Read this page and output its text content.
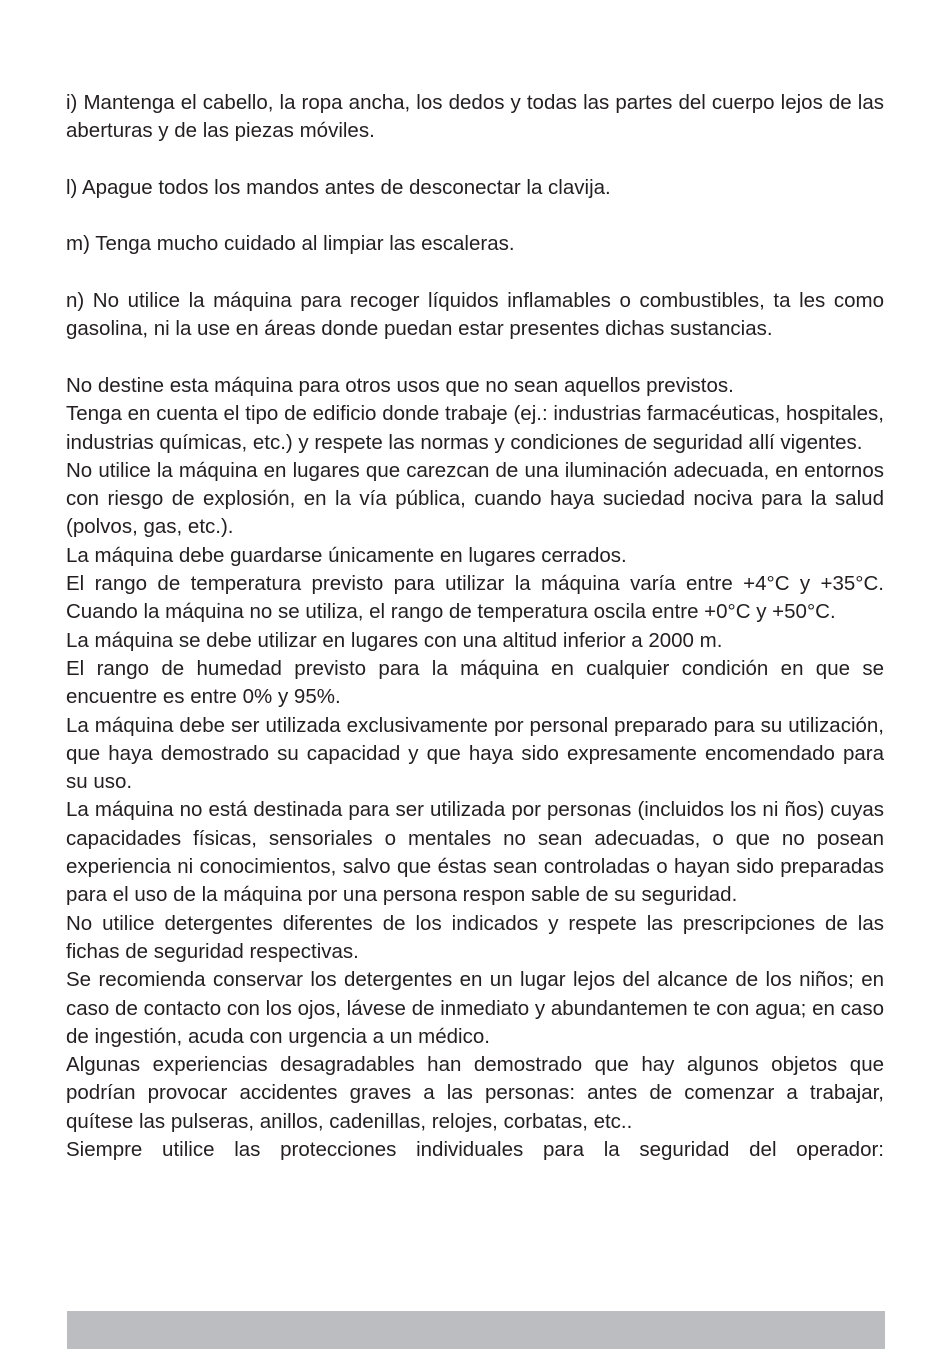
i) Mantenga el cabello, la ropa ancha, los dedos y todas las partes del cuerpo lejos de las aberturas y de las piezas móviles.

l) Apague todos los mandos antes de desconectar la clavija.

m) Tenga mucho cuidado al limpiar las escaleras.

n) No utilice la máquina para recoger líquidos inflamables o combustibles, ta les como gasolina, ni la use en áreas donde puedan estar presentes dichas sustancias.

No destine esta máquina para otros usos que no sean aquellos previstos.

Tenga en cuenta el tipo de edificio donde trabaje (ej.: industrias farmacéuticas, hospitales, industrias químicas, etc.) y respete las normas y condiciones de seguridad allí vigentes.

No utilice la máquina en lugares que carezcan de una iluminación adecuada, en entornos con riesgo de explosión, en la vía pública, cuando haya suciedad nociva para la salud (polvos, gas, etc.).

La máquina debe guardarse únicamente en lugares cerrados.

El rango de temperatura previsto para utilizar la máquina varía entre +4°C y +35°C. Cuando la máquina no se utiliza, el rango de temperatura oscila entre +0°C y +50°C.

La máquina se debe utilizar en lugares con una altitud inferior a 2000 m.

El rango de humedad previsto para la máquina en cualquier condición en que se encuentre es entre 0% y 95%.

La máquina debe ser utilizada exclusivamente por personal preparado para su utilización, que haya demostrado su capacidad y que haya sido expresamente encomendado para su uso.

La máquina no está destinada para ser utilizada por personas (incluidos los ni ños) cuyas capacidades físicas, sensoriales o mentales no sean adecuadas, o que no posean experiencia ni conocimientos, salvo que éstas sean controladas o hayan sido preparadas para el uso de la máquina por una persona respon sable de su seguridad.

No utilice detergentes diferentes de los indicados y respete las prescripciones de las fichas de seguridad respectivas.

Se recomienda conservar los detergentes en un lugar lejos del alcance de los niños; en caso de contacto con los ojos, lávese de inmediato y abundantemen te con agua; en caso de ingestión, acuda con urgencia a un médico.

Algunas experiencias desagradables han demostrado que hay algunos objetos que podrían provocar accidentes graves a las personas: antes de comenzar a trabajar, quítese las pulseras, anillos, cadenillas, relojes, corbatas, etc..

Siempre utilice las protecciones individuales para la seguridad del operador:
